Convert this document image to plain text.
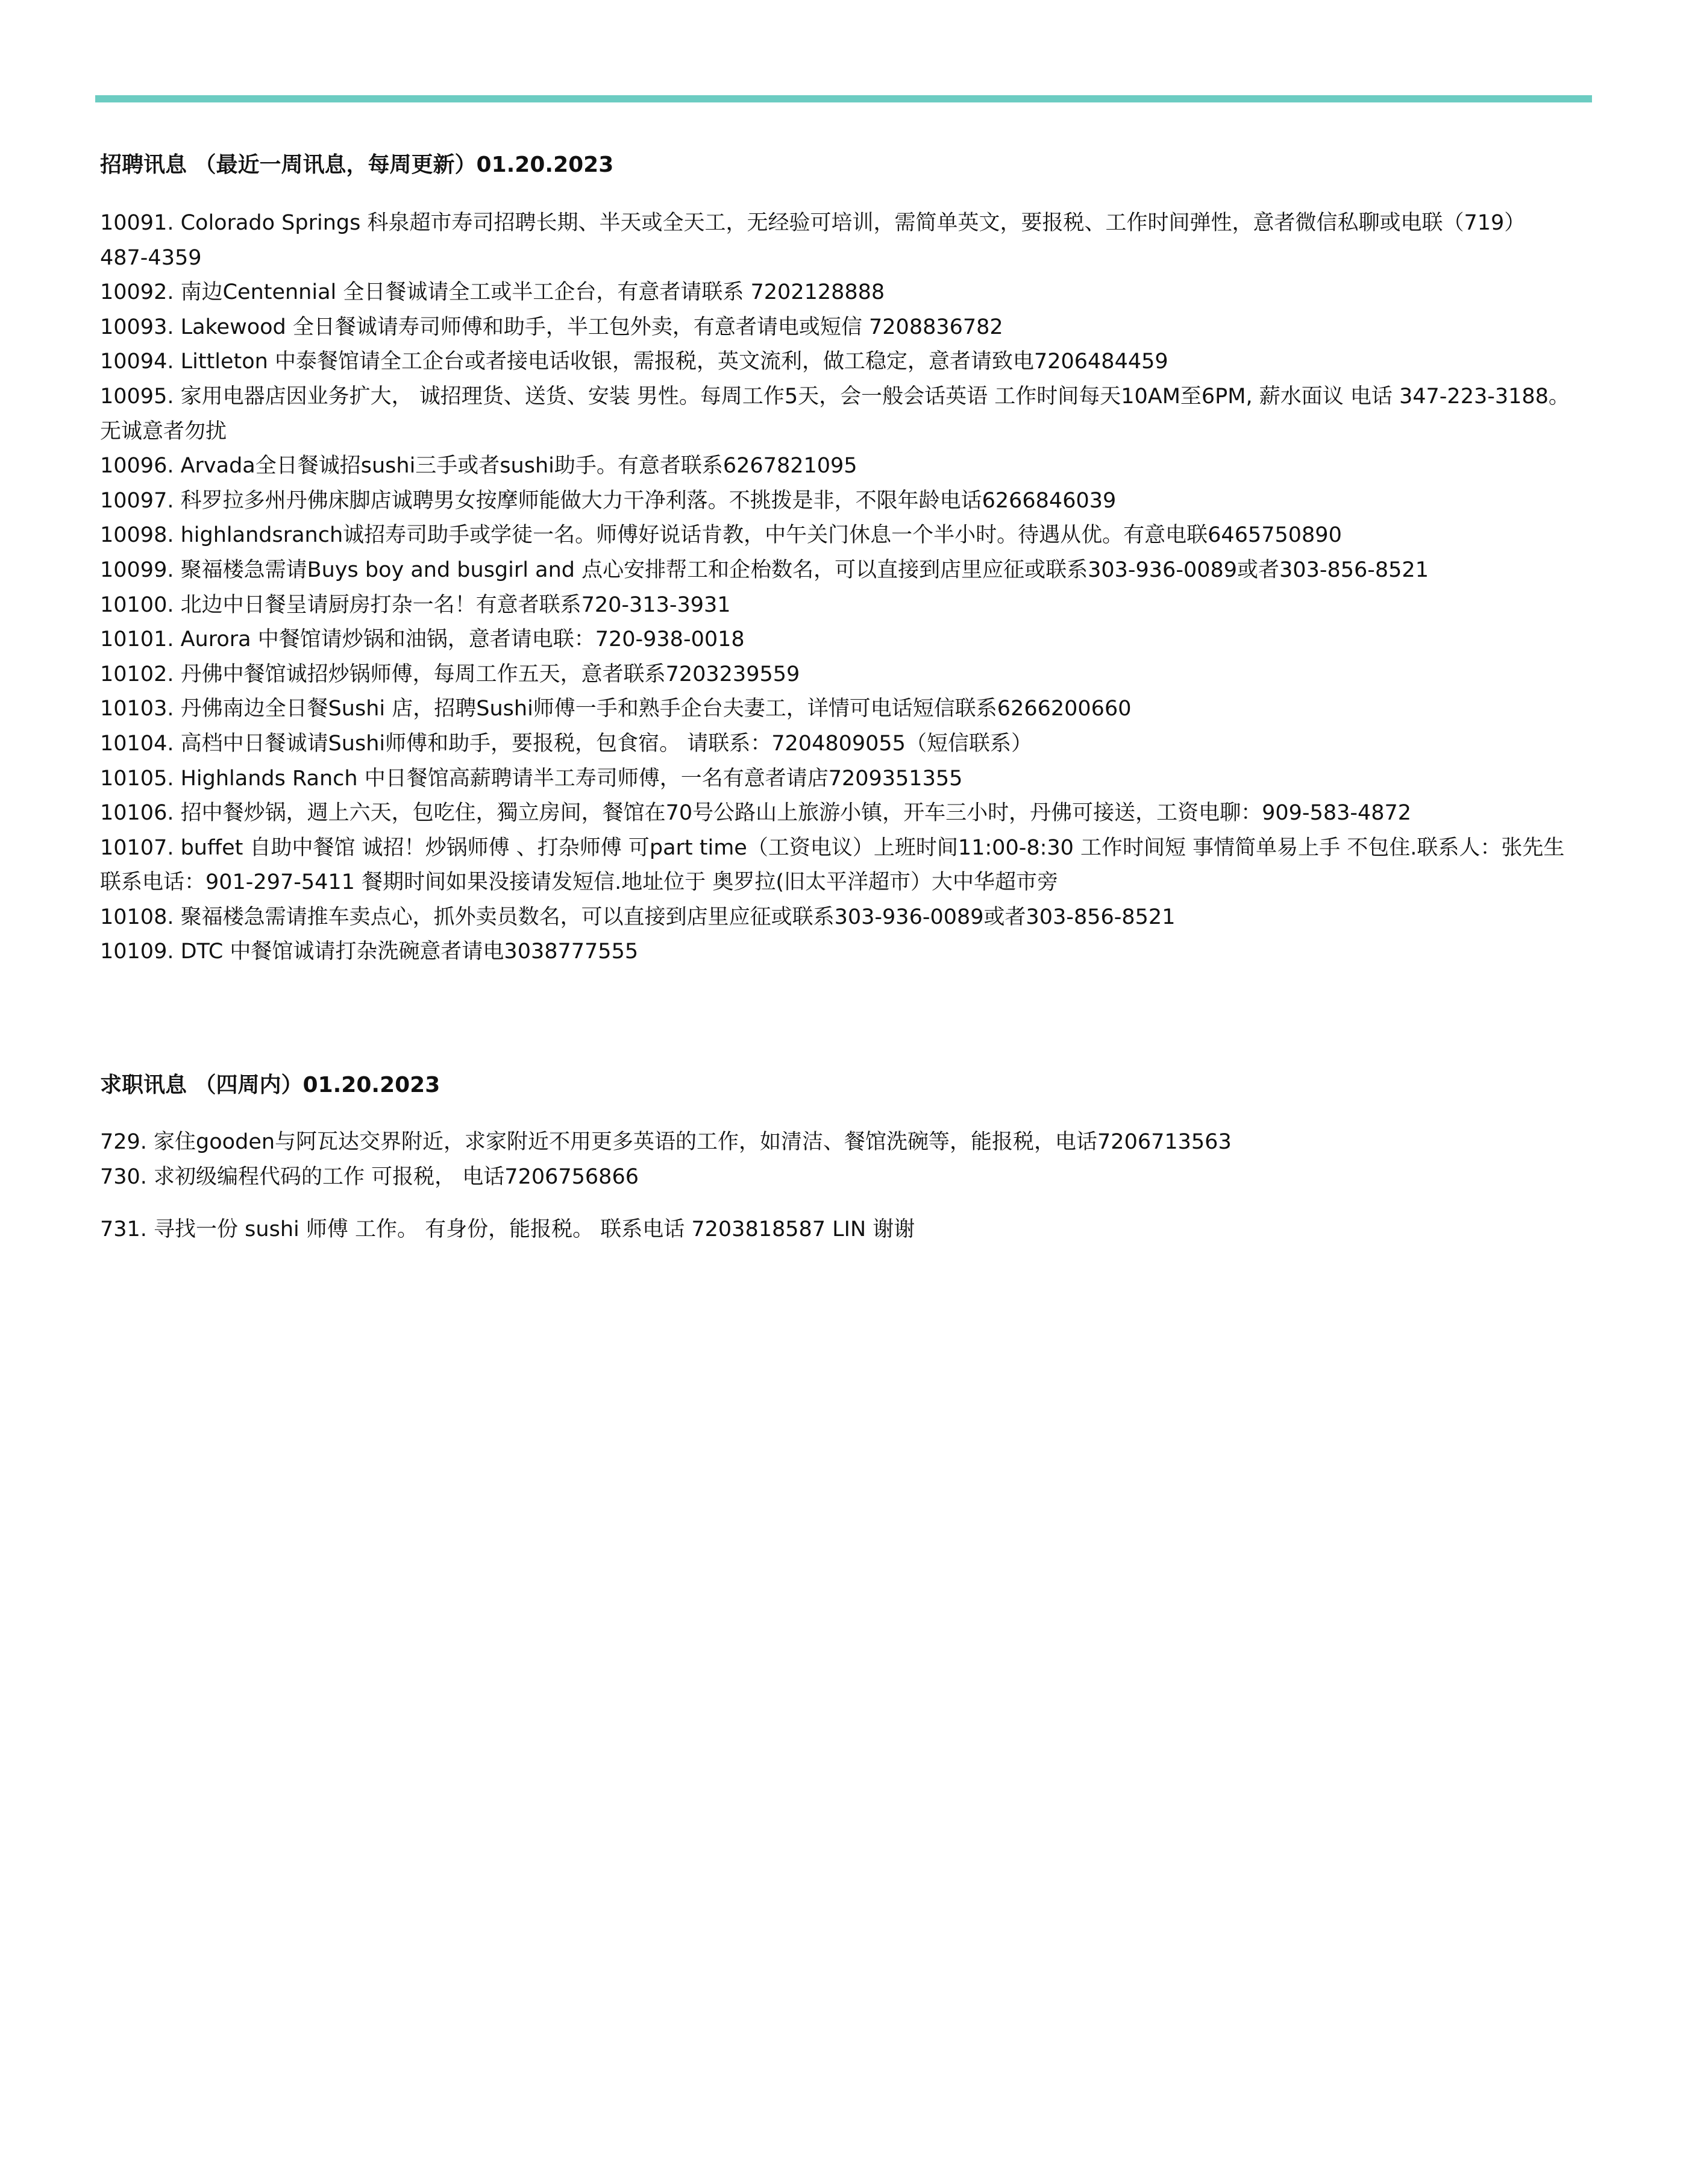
招聘讯息 （最近一周讯息，每周更新）01.20.2023

10091. Colorado Springs 科泉超市寿司招聘长期、半天或全天工，无经验可培训，需简单英文，要报税、工作时间弹性，意者微信私聊或电联（719）487-4359

10092. 南边Centennial 全日餐诚请全工或半工企台，有意者请联系 7202128888

10093. Lakewood 全日餐诚请寿司师傅和助手，半工包外卖，有意者请电或短信 7208836782

10094. Littleton 中泰餐馆请全工企台或者接电话收银，需报税，英文流利，做工稳定，意者请致电7206484459

10095. 家用电器店因业务扩大， 诚招理货、送货、安装 男性。每周工作5天，会一般会话英语 工作时间每天10AM至6PM, 薪水面议 电话 347-223-3188。无诚意者勿扰

10096. Arvada全日餐诚招sushi三手或者sushi助手。有意者联系6267821095

10097. 科罗拉多州丹佛床脚店诚聘男女按摩师能做大力干净利落。不挑拨是非，不限年龄电话6266846039

10098. highlandsranch诚招寿司助手或学徒一名。师傅好说话肯教，中午关门休息一个半小时。待遇从优。有意电联6465750890

10099. 聚福楼急需请Buys boy and busgirl and 点心安排帮工和企枱数名，可以直接到店里应征或联系303-936-0089或者303-856-8521

10100. 北边中日餐呈请厨房打杂一名！有意者联系720-313-3931

10101. Aurora 中餐馆请炒锅和油锅，意者请电联：720-938-0018

10102. 丹佛中餐馆诚招炒锅师傅，每周工作五天，意者联系7203239559

10103. 丹佛南边全日餐Sushi 店，招聘Sushi师傅一手和熟手企台夫妻工，详情可电话短信联系6266200660

10104. 高档中日餐诚请Sushi师傅和助手，要报税，包食宿。 请联系：7204809055（短信联系）

10105. Highlands Ranch 中日餐馆高薪聘请半工寿司师傅，一名有意者请店7209351355

10106. 招中餐炒锅，週上六天，包吃住，獨立房间，餐馆在70号公路山上旅游小镇，开车三小时，丹佛可接送，工资电聊：909-583-4872

10107. buffet 自助中餐馆 诚招！炒锅师傅 、打杂师傅 可part time（工资电议）上班时间11:00-8:30 工作时间短 事情简单易上手 不包住.联系人：张先生 联系电话：901-297-5411 餐期时间如果没接请发短信.地址位于 奥罗拉(旧太平洋超市）大中华超市旁

10108. 聚福楼急需请推车卖点心，抓外卖员数名，可以直接到店里应征或联系303-936-0089或者303-856-8521

10109. DTC 中餐馆诚请打杂洗碗意者请电3038777555

求职讯息 （四周内）01.20.2023

729. 家住gooden与阿瓦达交界附近，求家附近不用更多英语的工作，如清洁、餐馆洗碗等，能报税，电话7206713563

730. 求初级编程代码的工作 可报税， 电话7206756866

731. 寻找一份 sushi 师傅 工作。 有身份，能报税。 联系电话 7203818587 LIN 谢谢
